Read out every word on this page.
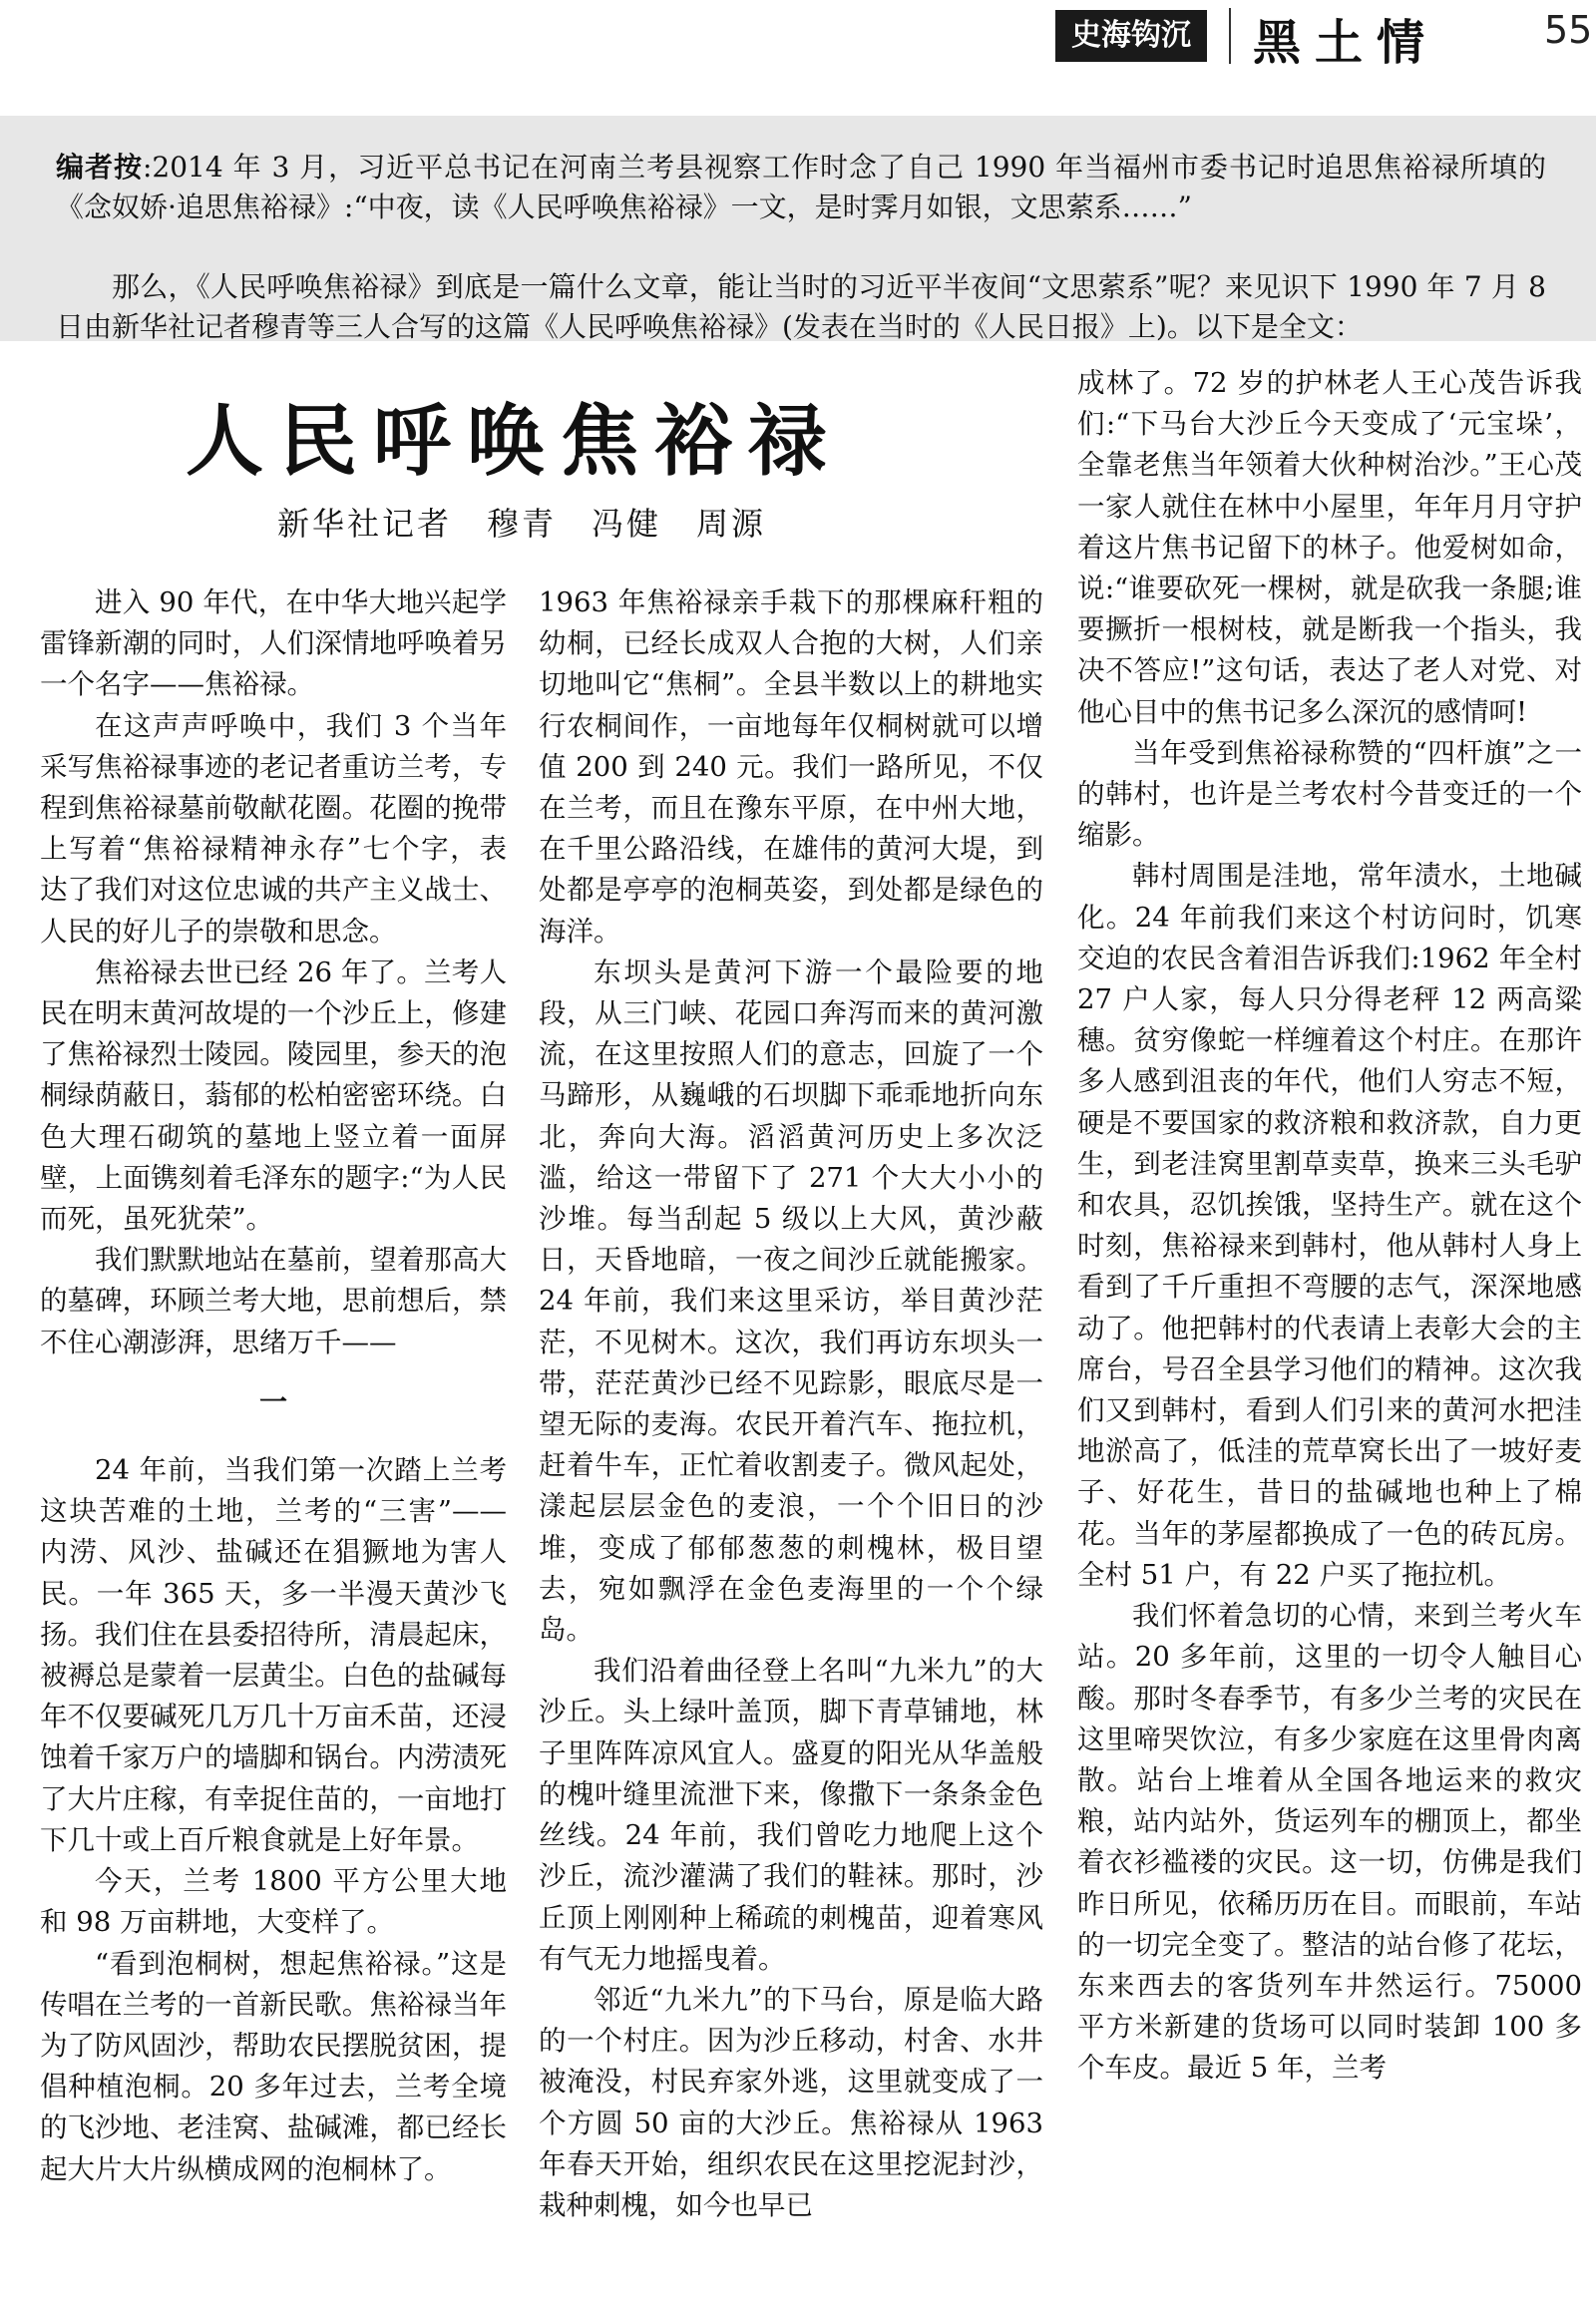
史海钩沉	黑土情	55

编者按:2014 年 3 月，习近平总书记在河南兰考县视察工作时念了自己 1990 年当福州市委书记时追思焦裕禄所填的《念奴娇·追思焦裕禄》:“中夜，读《人民呼唤焦裕禄》一文，是时霁月如银，文思萦系……”

那么，《人民呼唤焦裕禄》到底是一篇什么文章，能让当时的习近平半夜间“文思萦系”呢？来见识下 1990 年 7 月 8 日由新华社记者穆青等三人合写的这篇《人民呼唤焦裕禄》(发表在当时的《人民日报》上)。以下是全文：

人民呼唤焦裕禄
新华社记者　穆青　冯健　周源

进入 90 年代，在中华大地兴起学雷锋新潮的同时，人们深情地呼唤着另一个名字——焦裕禄。

在这声声呼唤中，我们 3 个当年采写焦裕禄事迹的老记者重访兰考，专程到焦裕禄墓前敬献花圈。花圈的挽带上写着“焦裕禄精神永存”七个字，表达了我们对这位忠诚的共产主义战士、人民的好儿子的崇敬和思念。

焦裕禄去世已经 26 年了。兰考人民在明末黄河故堤的一个沙丘上，修建了焦裕禄烈士陵园。陵园里，参天的泡桐绿荫蔽日，蓊郁的松柏密密环绕。白色大理石砌筑的墓地上竖立着一面屏壁，上面镌刻着毛泽东的题字:“为人民而死，虽死犹荣”。

我们默默地站在墓前，望着那高大的墓碑，环顾兰考大地，思前想后，禁不住心潮澎湃，思绪万千——

一

24 年前，当我们第一次踏上兰考这块苦难的土地，兰考的“三害”——内涝、风沙、盐碱还在猖獗地为害人民。一年 365 天，多一半漫天黄沙飞扬。我们住在县委招待所，清晨起床，被褥总是蒙着一层黄尘。白色的盐碱每年不仅要碱死几万几十万亩禾苗，还浸蚀着千家万户的墙脚和锅台。内涝渍死了大片庄稼，有幸捉住苗的，一亩地打下几十或上百斤粮食就是上好年景。

今天，兰考 1800 平方公里大地和 98 万亩耕地，大变样了。

“看到泡桐树，想起焦裕禄。”这是传唱在兰考的一首新民歌。焦裕禄当年为了防风固沙，帮助农民摆脱贫困，提倡种植泡桐。20 多年过去，兰考全境的飞沙地、老洼窝、盐碱滩，都已经长起大片大片纵横成网的泡桐林了。

1963 年焦裕禄亲手栽下的那棵麻秆粗的幼桐，已经长成双人合抱的大树，人们亲切地叫它“焦桐”。全县半数以上的耕地实行农桐间作，一亩地每年仅桐树就可以增值 200 到 240 元。我们一路所见，不仅在兰考，而且在豫东平原，在中州大地，在千里公路沿线，在雄伟的黄河大堤，到处都是亭亭的泡桐英姿，到处都是绿色的海洋。

东坝头是黄河下游一个最险要的地段，从三门峡、花园口奔泻而来的黄河激流，在这里按照人们的意志，回旋了一个马蹄形，从巍峨的石坝脚下乖乖地折向东北，奔向大海。滔滔黄河历史上多次泛滥，给这一带留下了 271 个大大小小的沙堆。每当刮起 5 级以上大风，黄沙蔽日，天昏地暗，一夜之间沙丘就能搬家。24 年前，我们来这里采访，举目黄沙茫茫，不见树木。这次，我们再访东坝头一带，茫茫黄沙已经不见踪影，眼底尽是一望无际的麦海。农民开着汽车、拖拉机，赶着牛车，正忙着收割麦子。微风起处，漾起层层金色的麦浪，一个个旧日的沙堆，变成了郁郁葱葱的刺槐林，极目望去，宛如飘浮在金色麦海里的一个个绿岛。

我们沿着曲径登上名叫“九米九”的大沙丘。头上绿叶盖顶，脚下青草铺地，林子里阵阵凉风宜人。盛夏的阳光从华盖般的槐叶缝里流泄下来，像撒下一条条金色丝线。24 年前，我们曾吃力地爬上这个沙丘，流沙灌满了我们的鞋袜。那时，沙丘顶上刚刚种上稀疏的刺槐苗，迎着寒风有气无力地摇曳着。

邻近“九米九”的下马台，原是临大路的一个村庄。因为沙丘移动，村舍、水井被淹没，村民弃家外逃，这里就变成了一个方圆 50 亩的大沙丘。焦裕禄从 1963 年春天开始，组织农民在这里挖泥封沙，栽种刺槐，如今也早已

成林了。72 岁的护林老人王心茂告诉我们:“下马台大沙丘今天变成了‘元宝垛’，全靠老焦当年领着大伙种树治沙。”王心茂一家人就住在林中小屋里，年年月月守护着这片焦书记留下的林子。他爱树如命，说:“谁要砍死一棵树，就是砍我一条腿;谁要撅折一根树枝，就是断我一个指头，我决不答应!”这句话，表达了老人对党、对他心目中的焦书记多么深沉的感情呵!

当年受到焦裕禄称赞的“四杆旗”之一的韩村，也许是兰考农村今昔变迁的一个缩影。

韩村周围是洼地，常年渍水，土地碱化。24 年前我们来这个村访问时，饥寒交迫的农民含着泪告诉我们:1962 年全村 27 户人家，每人只分得老秤 12 两高粱穗。贫穷像蛇一样缠着这个村庄。在那许多人感到沮丧的年代，他们人穷志不短，硬是不要国家的救济粮和救济款，自力更生，到老洼窝里割草卖草，换来三头毛驴和农具，忍饥挨饿，坚持生产。就在这个时刻，焦裕禄来到韩村，他从韩村人身上看到了千斤重担不弯腰的志气，深深地感动了。他把韩村的代表请上表彰大会的主席台，号召全县学习他们的精神。这次我们又到韩村，看到人们引来的黄河水把洼地淤高了，低洼的荒草窝长出了一坡好麦子、好花生，昔日的盐碱地也种上了棉花。当年的茅屋都换成了一色的砖瓦房。全村 51 户，有 22 户买了拖拉机。

我们怀着急切的心情，来到兰考火车站。20 多年前，这里的一切令人触目心酸。那时冬春季节，有多少兰考的灾民在这里啼哭饮泣，有多少家庭在这里骨肉离散。站台上堆着从全国各地运来的救灾粮，站内站外，货运列车的棚顶上，都坐着衣衫褴褛的灾民。这一切，仿佛是我们昨日所见，依稀历历在目。而眼前，车站的一切完全变了。整洁的站台修了花坛，东来西去的客货列车井然运行。75000 平方米新建的货场可以同时装卸 100 多个车皮。最近 5 年，兰考
